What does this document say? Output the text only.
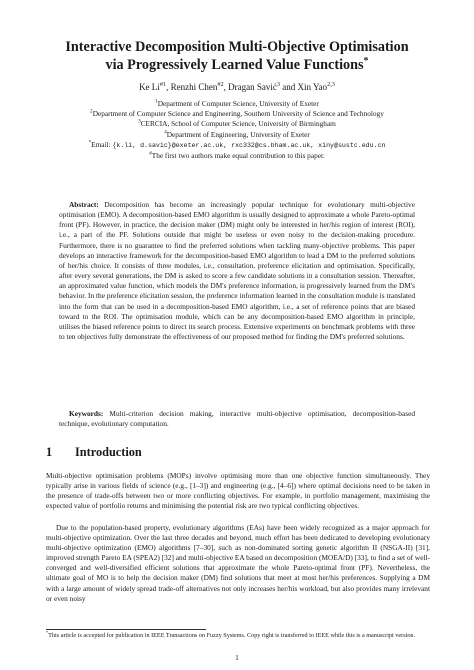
Interactive Decomposition Multi-Objective Optimisation
via Progressively Learned Value Functions*
Ke Li$^{\#1}$, Renzhi Chen$^{\#2}$, Dragan Savić$^3$ and Xin Yao$^{2,3}$
$^1$Department of Computer Science, University of Exeter
$^2$Department of Computer Science and Engineering, Southern University of Science and Technology
$^3$CERCIA, School of Computer Science, University of Birmingham
$^4$Department of Engineering, University of Exeter
*Email: {k.li, d.savic}@exeter.ac.uk, rxc332@cs.bham.ac.uk, xiny@sustc.edu.cn
#The first two authors make equal contribution to this paper.

Abstract: Decomposition has become an increasingly popular technique for evolutionary multi-objective optimisation (EMO). A decomposition-based EMO algorithm is usually designed to approximate a whole Pareto-optimal front (PF). However, in practice, the decision maker (DM) might only be interested in her/his region of interest (ROI), i.e., a part of the PF. Solutions outside that might be useless or even noisy to the decision-making procedure. Furthermore, there is no guarantee to find the preferred solutions when tackling many-objective problems. This paper develops an interactive framework for the decomposition-based EMO algorithm to lead a DM to the preferred solutions of her/his choice. It consists of three modules, i.e., consultation, preference elicitation and optimisation. Specifically, after every several generations, the DM is asked to score a few candidate solutions in a consultation session. Thereafter, an approximated value function, which models the DM's preference information, is progressively learned from the DM's behavior. In the preference elicitation session, the preference information learned in the consultation module is translated into the form that can be used in a decomposition-based EMO algorithm, i.e., a set of reference points that are biased toward to the ROI. The optimisation module, which can be any decomposition-based EMO algorithm in principle, utilises the biased reference points to direct its search process. Extensive experiments on benchmark problems with three to ten objectives fully demonstrate the effectiveness of our proposed method for finding the DM's preferred solutions.

Keywords: Multi-criterion decision making, interactive multi-objective optimisation, decomposition-based technique, evolutionary computation.

1 Introduction

Multi-objective optimisation problems (MOPs) involve optimising more than one objective function simultaneously. They typically arise in various fields of science (e.g., [1–3]) and engineering (e.g., [4–6]) where optimal decisions need to be taken in the presence of trade-offs between two or more conflicting objectives. For example, in portfolio management, maximising the expected value of portfolio returns and minimising the potential risk are two typical conflicting objectives.

Due to the population-based property, evolutionary algorithms (EAs) have been widely recognized as a major approach for multi-objective optimization. Over the last three decades and beyond, much effort has been dedicated to developing evolutionary multi-objective optimization (EMO) algorithms [7–30], such as non-dominated sorting genetic algorithm II (NSGA-II) [31], improved strength Pareto EA (SPEA2) [32] and multi-objective EA based on decomposition (MOEA/D) [33], to find a set of well-converged and well-diversified efficient solutions that approximate the whole Pareto-optimal front (PF). Nevertheless, the ultimate goal of MO is to help the decision maker (DM) find solutions that meet at most her/his preferences. Supplying a DM with a large amount of widely spread trade-off alternatives not only increases her/his workload, but also provides many irrelevant or even noisy

*This article is accepted for publication in IEEE Transactions on Fuzzy Systems. Copy right is transferred to IEEE while this is a manuscript version.

1
